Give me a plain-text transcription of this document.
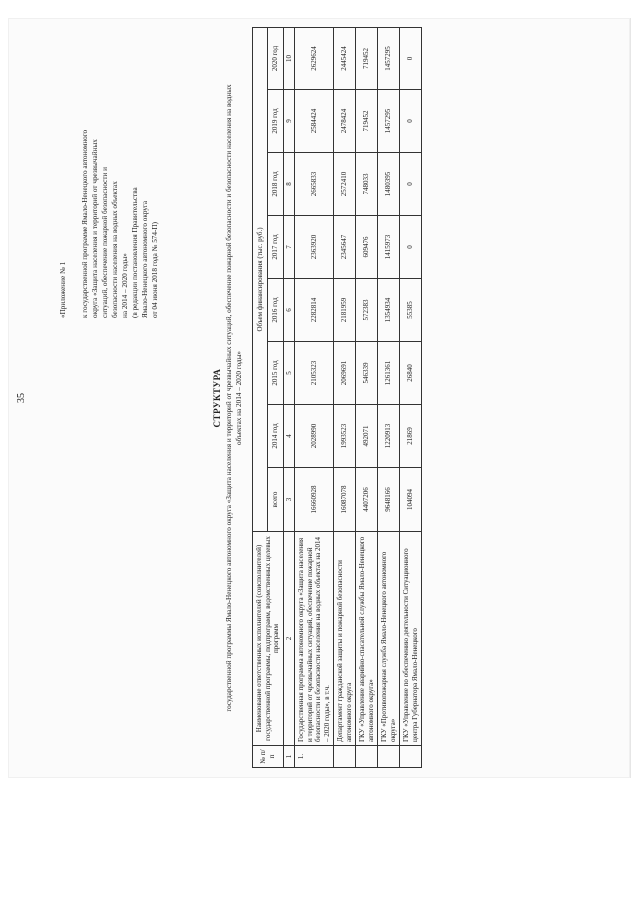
35
«Приложение № 1 к государственной программе Ямало-Ненецкого автономного округа «Защита населения и территорий от чрезвычайных ситуаций, обеспечение пожарной безопасности и безопасности населения на водных объектах на 2014 – 2020 годы» (в редакции постановления Правительства Ямало-Ненецкого автономного округа от 04 июня 2018 года № 574-П)
СТРУКТУРА государственной программы Ямало-Ненецкого автономного округа «Защита населения и территорий от чрезвычайных ситуаций, обеспечение пожарной безопасности и безопасности населения на водных объектах на 2014 – 2020 годы»
№ п/п	Наименование ответственных исполнителей (соисполнителей) государственной программы, подпрограмм, ведомственных целевых программ	Объем финансирования (тыс. руб.)							
		всего	2014 год	2015 год	2016 год	2017 год	2018 год	2019 год	2020 год
1	2	3	4	5	6	7	8	9	10
1.	Государственная программа автономного округа «Защита населения и территорий от чрезвычайных ситуаций, обеспечение пожарной безопасности и безопасности населения на водных объектах на 2014 – 2020 годы», в т.ч.	16660928	2028990	2105323	2282814	2363920	2665833	2584424	2629624
	Департамент гражданской защиты и пожарной безопасности автономного округа	16087078	1993523	2069691	2181959	2345647	2572410	2478424	2445424
	ГКУ «Управление аварийно-спасательной службы Ямало-Ненецкого автономного округа»	4407206	492071	546339	572383	609476	748033	719452	719452
	ГКУ «Противопожарная служба Ямало-Ненецкого автономного округа»	9648166	1220913	1261361	1354934	1415973	1480395	1457295	1457295
	ГКУ «Управление по обеспечению деятельности Ситуационного центра Губернатора Ямало-Ненецкого	104094	21869	26840	55385	0	0	0	0
